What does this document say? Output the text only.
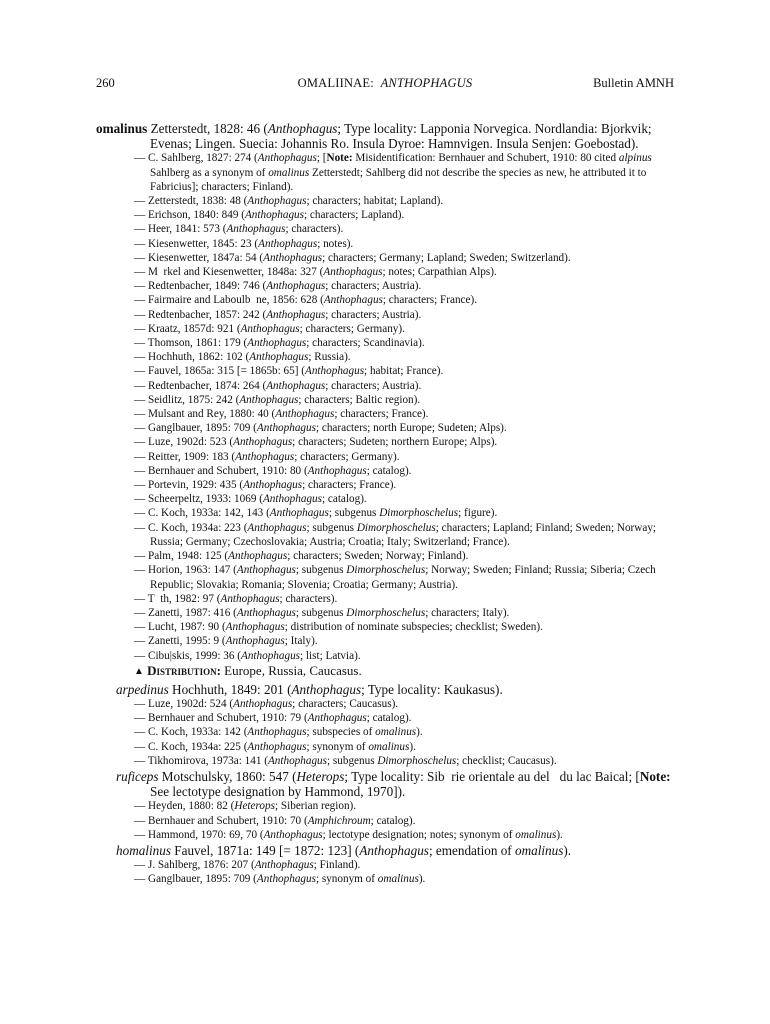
260	OMALIINAE:  ANTHOPHAGUS	Bulletin AMNH

omalinus Zetterstedt, 1828: 46 (Anthophagus; Type locality: Lapponia Norvegica. Nordlandia: Bjorkvik; Evenas; Lingen. Suecia: Johannis Ro. Insula Dyroe: Hamnvigen. Insula Senjen: Goebostad).

— C. Sahlberg, 1827: 274 (Anthophagus; [Note: Misidentification: Bernhauer and Schubert, 1910: 80 cited alpinus Sahlberg as a synonym of omalinus Zetterstedt; Sahlberg did not describe the species as new, he attributed it to Fabricius]; characters; Finland).

— Zetterstedt, 1838: 48 (Anthophagus; characters; habitat; Lapland).

— Erichson, 1840: 849 (Anthophagus; characters; Lapland).

— Heer, 1841: 573 (Anthophagus; characters).

— Kiesenwetter, 1845: 23 (Anthophagus; notes).

— Kiesenwetter, 1847a: 54 (Anthophagus; characters; Germany; Lapland; Sweden; Switzerland).

— M  rkel and Kiesenwetter, 1848a: 327 (Anthophagus; notes; Carpathian Alps).

— Redtenbacher, 1849: 746 (Anthophagus; characters; Austria).

— Fairmaire and Laboulb  ne, 1856: 628 (Anthophagus; characters; France).

— Redtenbacher, 1857: 242 (Anthophagus; characters; Austria).

— Kraatz, 1857d: 921 (Anthophagus; characters; Germany).

— Thomson, 1861: 179 (Anthophagus; characters; Scandinavia).

— Hochhuth, 1862: 102 (Anthophagus; Russia).

— Fauvel, 1865a: 315 [= 1865b: 65] (Anthophagus; habitat; France).

— Redtenbacher, 1874: 264 (Anthophagus; characters; Austria).

— Seidlitz, 1875: 242 (Anthophagus; characters; Baltic region).

— Mulsant and Rey, 1880: 40 (Anthophagus; characters; France).

— Ganglbauer, 1895: 709 (Anthophagus; characters; north Europe; Sudeten; Alps).

— Luze, 1902d: 523 (Anthophagus; characters; Sudeten; northern Europe; Alps).

— Reitter, 1909: 183 (Anthophagus; characters; Germany).

— Bernhauer and Schubert, 1910: 80 (Anthophagus; catalog).

— Portevin, 1929: 435 (Anthophagus; characters; France).

— Scheerpeltz, 1933: 1069 (Anthophagus; catalog).

— C. Koch, 1933a: 142, 143 (Anthophagus; subgenus Dimorphoschelus; figure).

— C. Koch, 1934a: 223 (Anthophagus; subgenus Dimorphoschelus; characters; Lapland; Finland; Sweden; Norway; Russia; Germany; Czechoslovakia; Austria; Croatia; Italy; Switzerland; France).

— Palm, 1948: 125 (Anthophagus; characters; Sweden; Norway; Finland).

— Horion, 1963: 147 (Anthophagus; subgenus Dimorphoschelus; Norway; Sweden; Finland; Russia; Siberia; Czech Republic; Slovakia; Romania; Slovenia; Croatia; Germany; Austria).

— T  th, 1982: 97 (Anthophagus; characters).

— Zanetti, 1987: 416 (Anthophagus; subgenus Dimorphoschelus; characters; Italy).

— Lucht, 1987: 90 (Anthophagus; distribution of nominate subspecies; checklist; Sweden).

— Zanetti, 1995: 9 (Anthophagus; Italy).

— Cibu|skis, 1999: 36 (Anthophagus; list; Latvia).

▲ Distribution: Europe, Russia, Caucasus.

arpedinus Hochhuth, 1849: 201 (Anthophagus; Type locality: Kaukasus).

— Luze, 1902d: 524 (Anthophagus; characters; Caucasus).

— Bernhauer and Schubert, 1910: 79 (Anthophagus; catalog).

— C. Koch, 1933a: 142 (Anthophagus; subspecies of omalinus).

— C. Koch, 1934a: 225 (Anthophagus; synonym of omalinus).

— Tikhomirova, 1973a: 141 (Anthophagus; subgenus Dimorphoschelus; checklist; Caucasus).

ruficeps Motschulsky, 1860: 547 (Heterops; Type locality: Sib  rie orientale au del   du lac Baical; [Note: See lectotype designation by Hammond, 1970]).

— Heyden, 1880: 82 (Heterops; Siberian region).

— Bernhauer and Schubert, 1910: 70 (Amphichroum; catalog).

— Hammond, 1970: 69, 70 (Anthophagus; lectotype designation; notes; synonym of omalinus).

homalinus Fauvel, 1871a: 149 [= 1872: 123] (Anthophagus; emendation of omalinus).

— J. Sahlberg, 1876: 207 (Anthophagus; Finland).

— Ganglbauer, 1895: 709 (Anthophagus; synonym of omalinus).
